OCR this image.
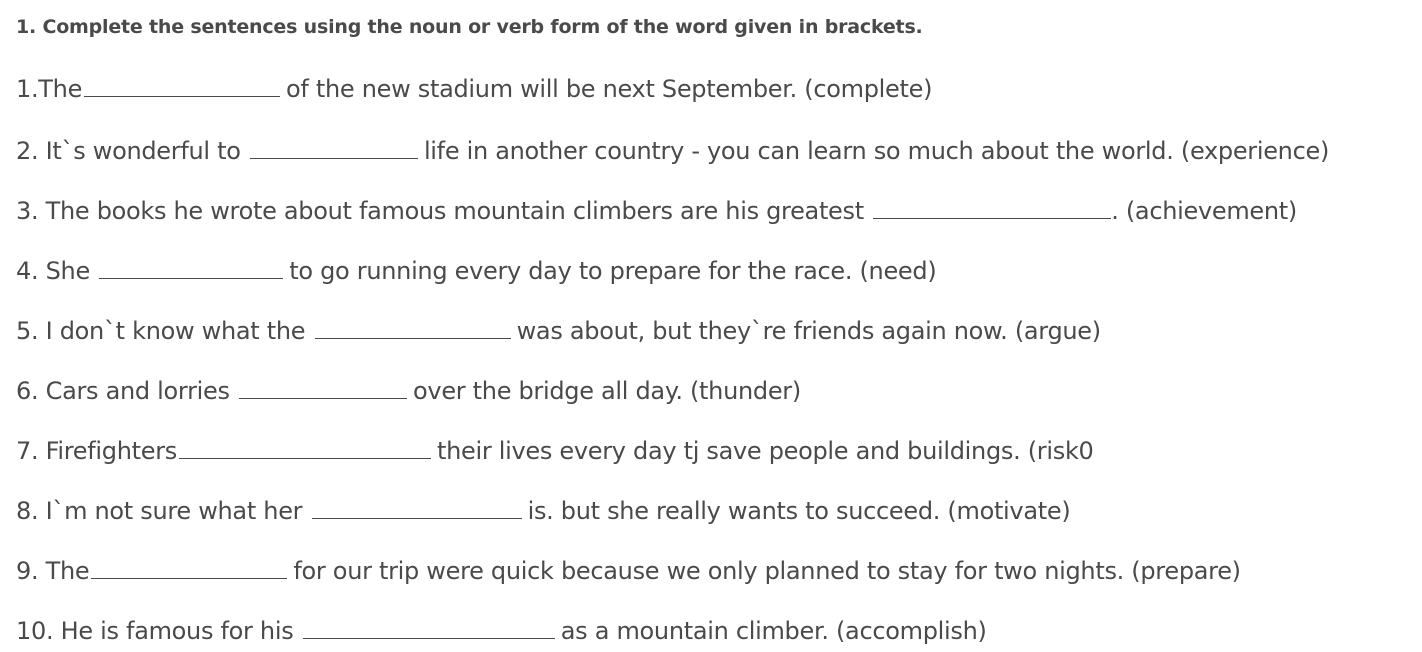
1. Complete the sentences using the noun or verb form of the word given in brackets.
1.The	of the new stadium will be next September. (complete)
2. It`s wonderful to	life in another country - you can learn so much about the world. (experience)
3. The books he wrote about famous mountain climbers are his greatest	. (achievement)
4. She	to go running every day to prepare for the race. (need)
5. I don`t know what the	was about, but they`re friends again now. (argue)
6. Cars and lorries	over the bridge all day. (thunder)
7. Firefighters	their lives every day tj save people and buildings. (risk0
8. I`m not sure what her	is. but she really wants to succeed. (motivate)
9. The	for our trip were quick because we only planned to stay for two nights. (prepare)
10. He is famous for his	as a mountain climber. (accomplish)
